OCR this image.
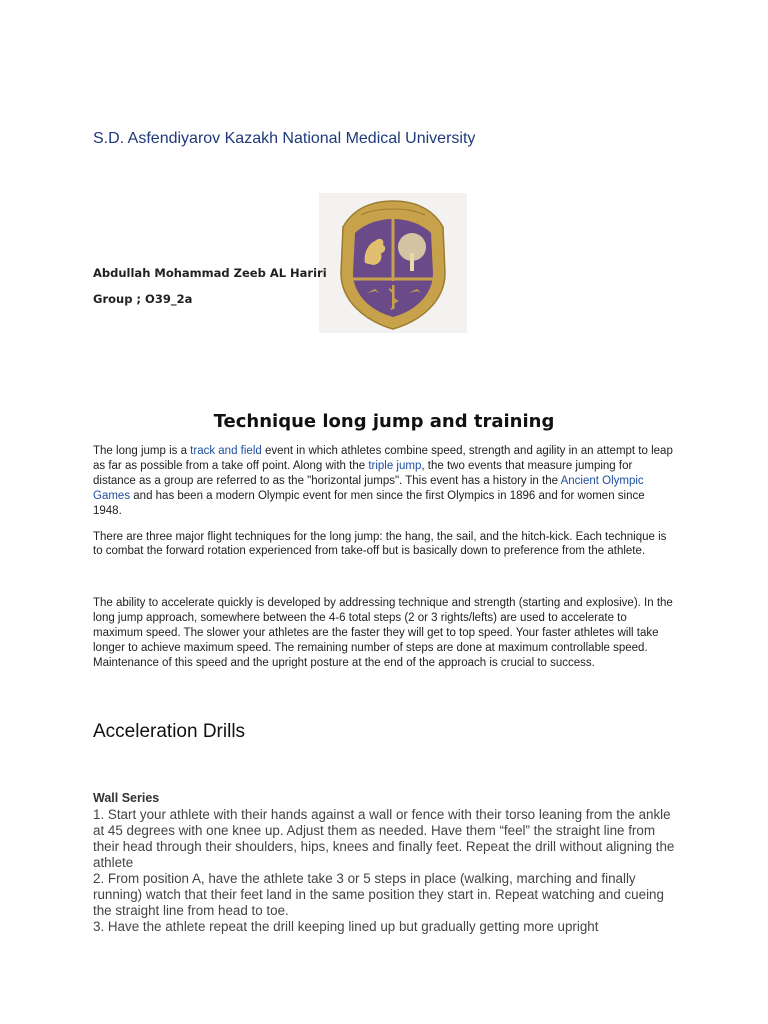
S.D. Asfendiyarov Kazakh National Medical University
Abdullah Mohammad Zeeb AL Hariri
Group ; O39_2a
Technique long jump and training
The long jump is a track and field event in which athletes combine speed, strength and agility in an attempt to leap as far as possible from a take off point. Along with the triple jump, the two events that measure jumping for distance as a group are referred to as the "horizontal jumps". This event has a history in the Ancient Olympic Games and has been a modern Olympic event for men since the first Olympics in 1896 and for women since 1948.
There are three major flight techniques for the long jump: the hang, the sail, and the hitch-kick. Each technique is to combat the forward rotation experienced from take-off but is basically down to preference from the athlete.
The ability to accelerate quickly is developed by addressing technique and strength (starting and explosive). In the long jump approach, somewhere between the 4-6 total steps (2 or 3 rights/lefts) are used to accelerate to maximum speed. The slower your athletes are the faster they will get to top speed. Your faster athletes will take longer to achieve maximum speed. The remaining number of steps are done at maximum controllable speed. Maintenance of this speed and the upright posture at the end of the approach is crucial to success.
Acceleration Drills
Wall Series

1. Start your athlete with their hands against a wall or fence with their torso leaning from the ankle at 45 degrees with one knee up. Adjust them as needed. Have them “feel” the straight line from their head through their shoulders, hips, knees and finally feet. Repeat the drill without aligning the athlete

2. From position A, have the athlete take 3 or 5 steps in place (walking, marching and finally running) watch that their feet land in the same position they start in. Repeat watching and cueing the straight line from head to toe.

3. Have the athlete repeat the drill keeping lined up but gradually getting more upright
